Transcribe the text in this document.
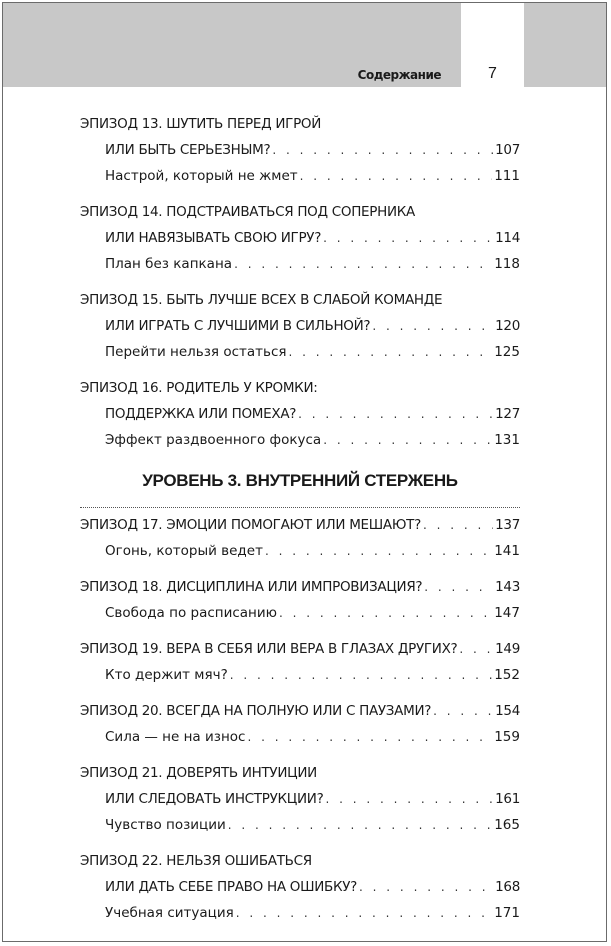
Содержание	7
ЭПИЗОД 13. ШУТИТЬ ПЕРЕД ИГРОЙ
ИЛИ БЫТЬ СЕРЬЕЗНЫМ? . . .	107
Настрой, который не жмет . . .	111
ЭПИЗОД 14. ПОДСТРАИВАТЬСЯ ПОД СОПЕРНИКА
ИЛИ НАВЯЗЫВАТЬ СВОЮ ИГРУ? . . .	114
План без капкана . . .	118
ЭПИЗОД 15. БЫТЬ ЛУЧШЕ ВСЕХ В СЛАБОЙ КОМАНДЕ
ИЛИ ИГРАТЬ С ЛУЧШИМИ В СИЛЬНОЙ? . . .	120
Перейти нельзя остаться . . .	125
ЭПИЗОД 16. РОДИТЕЛЬ У КРОМКИ:
ПОДДЕРЖКА ИЛИ ПОМЕХА? . . .	127
Эффект раздвоенного фокуса . . .	131
УРОВЕНЬ 3. ВНУТРЕННИЙ СТЕРЖЕНЬ
ЭПИЗОД 17. ЭМОЦИИ ПОМОГАЮТ ИЛИ МЕШАЮТ? . . .	137
Огонь, который ведет . . .	141
ЭПИЗОД 18. ДИСЦИПЛИНА ИЛИ ИМПРОВИЗАЦИЯ? . . .	143
Свобода по расписанию . . .	147
ЭПИЗОД 19. ВЕРА В СЕБЯ ИЛИ ВЕРА В ГЛАЗАХ ДРУГИХ? . . .	149
Кто держит мяч? . . .	152
ЭПИЗОД 20. ВСЕГДА НА ПОЛНУЮ ИЛИ С ПАУЗАМИ? . . .	154
Сила — не на износ . . .	159
ЭПИЗОД 21. ДОВЕРЯТЬ ИНТУИЦИИ
ИЛИ СЛЕДОВАТЬ ИНСТРУКЦИИ? . . .	161
Чувство позиции . . .	165
ЭПИЗОД 22. НЕЛЬЗЯ ОШИБАТЬСЯ
ИЛИ ДАТЬ СЕБЕ ПРАВО НА ОШИБКУ? . . .	168
Учебная ситуация . . .	171
